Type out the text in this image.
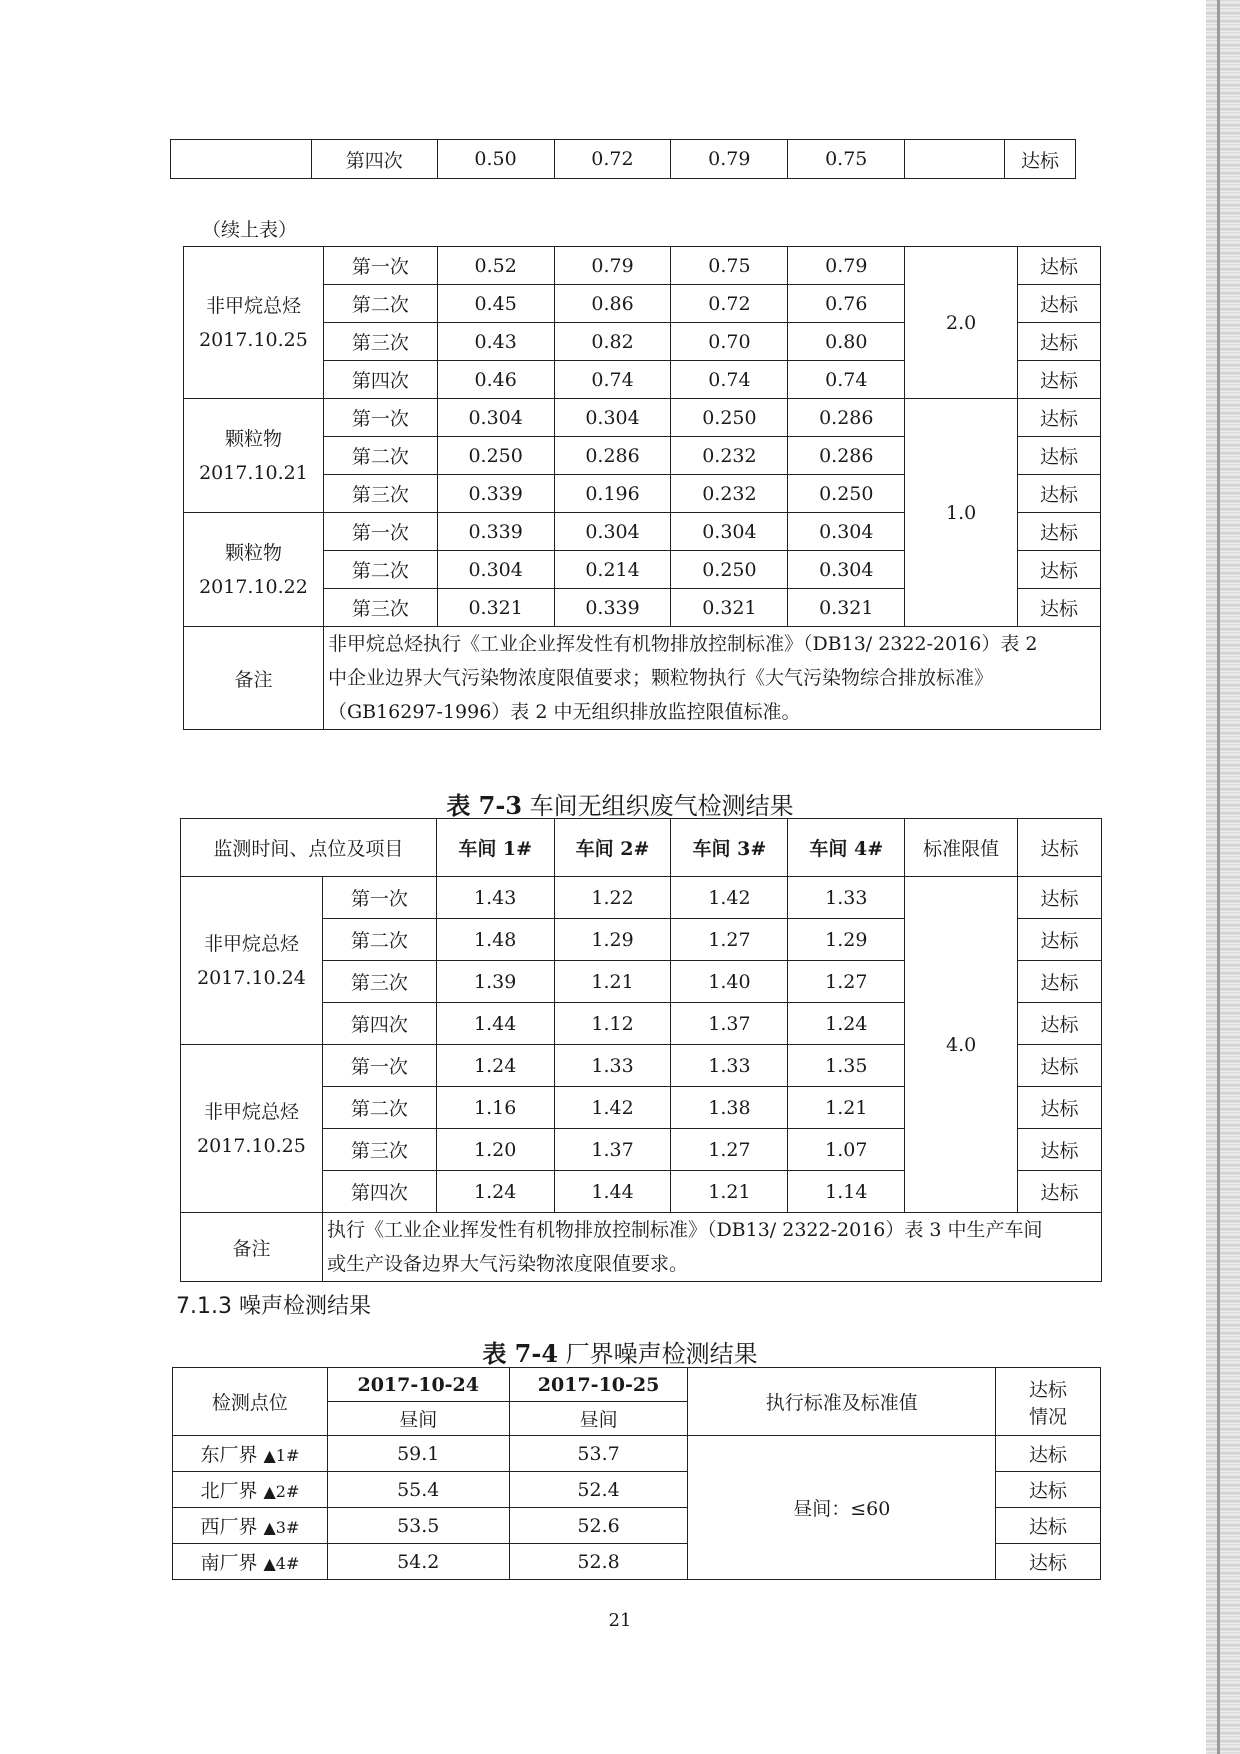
	第四次	0.50	0.72	0.79	0.75		达标
（续上表）
非甲烷总烃
2017.10.25	第一次	0.52	0.79	0.75	0.79	2.0	达标
	第二次	0.45	0.86	0.72	0.76		达标
	第三次	0.43	0.82	0.70	0.80		达标
	第四次	0.46	0.74	0.74	0.74		达标
颗粒物
2017.10.21	第一次	0.304	0.304	0.250	0.286	1.0	达标
	第二次	0.250	0.286	0.232	0.286		达标
	第三次	0.339	0.196	0.232	0.250		达标
颗粒物
2017.10.22	第一次	0.339	0.304	0.304	0.304		达标
	第二次	0.304	0.214	0.250	0.304		达标
	第三次	0.321	0.339	0.321	0.321		达标
备注	非甲烷总烃执行《工业企业挥发性有机物排放控制标准》（DB13/ 2322-2016）表 2
中企业边界大气污染物浓度限值要求；颗粒物执行《大气污染物综合排放标准》
（GB16297-1996）表 2 中无组织排放监控限值标准。						
表 7-3 车间无组织废气检测结果
监测时间、点位及项目		车间 1#	车间 2#	车间 3#	车间 4#	标准限值	达标
非甲烷总烃
2017.10.24	第一次	1.43	1.22	1.42	1.33	4.0	达标
	第二次	1.48	1.29	1.27	1.29		达标
	第三次	1.39	1.21	1.40	1.27		达标
	第四次	1.44	1.12	1.37	1.24		达标
非甲烷总烃
2017.10.25	第一次	1.24	1.33	1.33	1.35		达标
	第二次	1.16	1.42	1.38	1.21		达标
	第三次	1.20	1.37	1.27	1.07		达标
	第四次	1.24	1.44	1.21	1.14		达标
备注	执行《工业企业挥发性有机物排放控制标准》（DB13/ 2322-2016）表 3 中生产车间
或生产设备边界大气污染物浓度限值要求。						
7.1.3 噪声检测结果
表 7-4 厂界噪声检测结果
检测点位	2017-10-24	2017-10-25	执行标准及标准值	达标
情况
	昼间	昼间		
东厂界 ▲1#	59.1	53.7	昼间：≤60	达标
北厂界 ▲2#	55.4	52.4		达标
西厂界 ▲3#	53.5	52.6		达标
南厂界 ▲4#	54.2	52.8		达标
21
